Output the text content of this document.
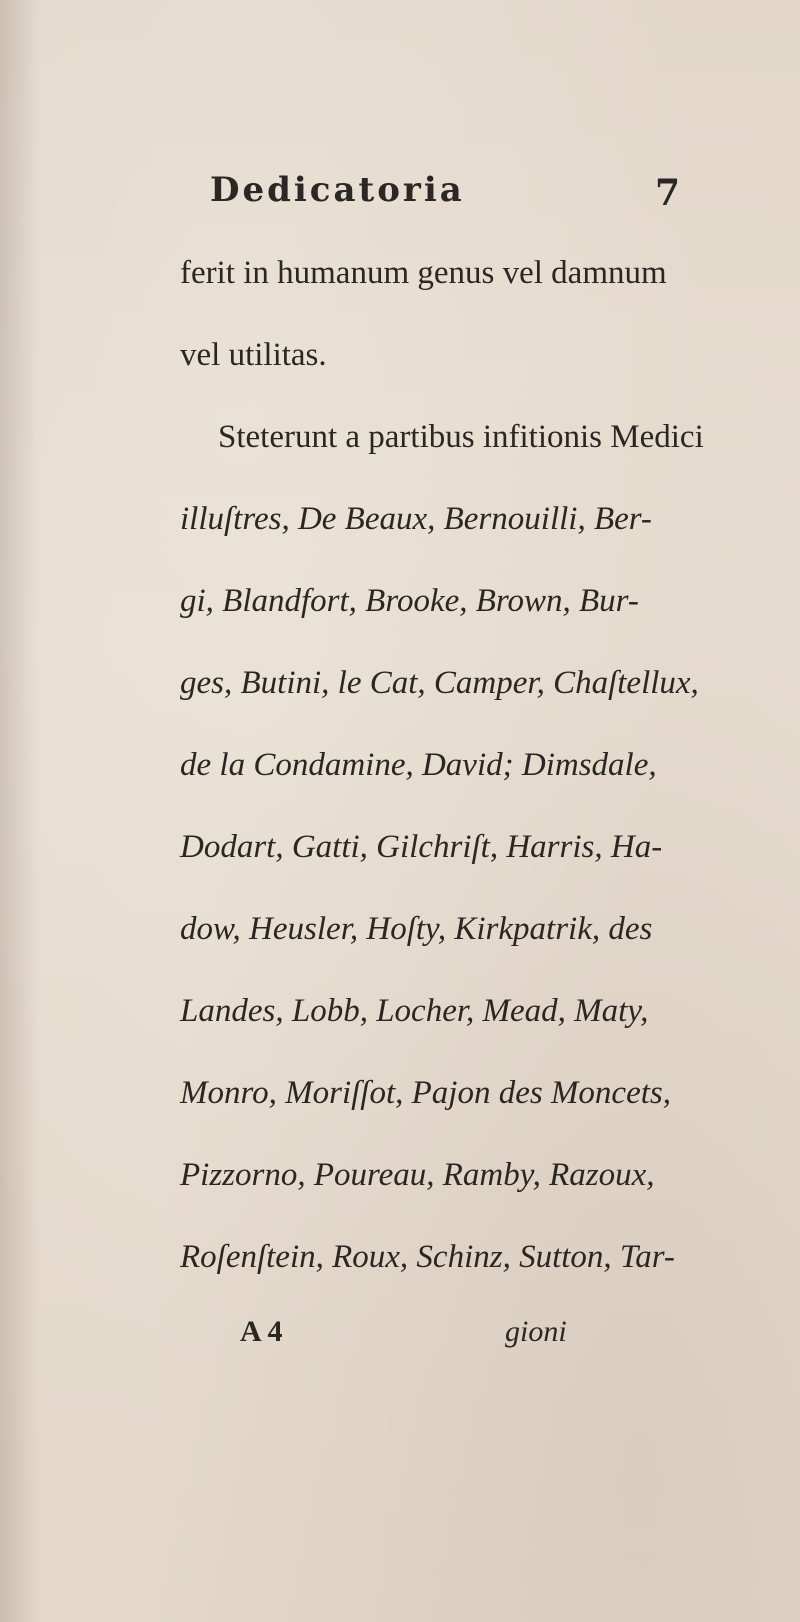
Dedicatoria	7
ferit in humanum genus vel damnum
vel utilitas.
Steterunt a partibus infitionis Medici
illuſtres, De Beaux, Bernouilli, Ber-
gi, Blandfort, Brooke, Brown, Bur-
ges, Butini, le Cat, Camper, Chaſtellux,
de la Condamine, David; Dimsdale,
Dodart, Gatti, Gilchriſt, Harris, Ha-
dow, Heusler, Hoſty, Kirkpatrik, des
Landes, Lobb, Locher, Mead, Maty,
Monro, Moriſſot, Pajon des Moncets,
Pizzorno, Poureau, Ramby, Razoux,
Roſenſtein, Roux, Schinz, Sutton, Tar-
A 4	gioni
